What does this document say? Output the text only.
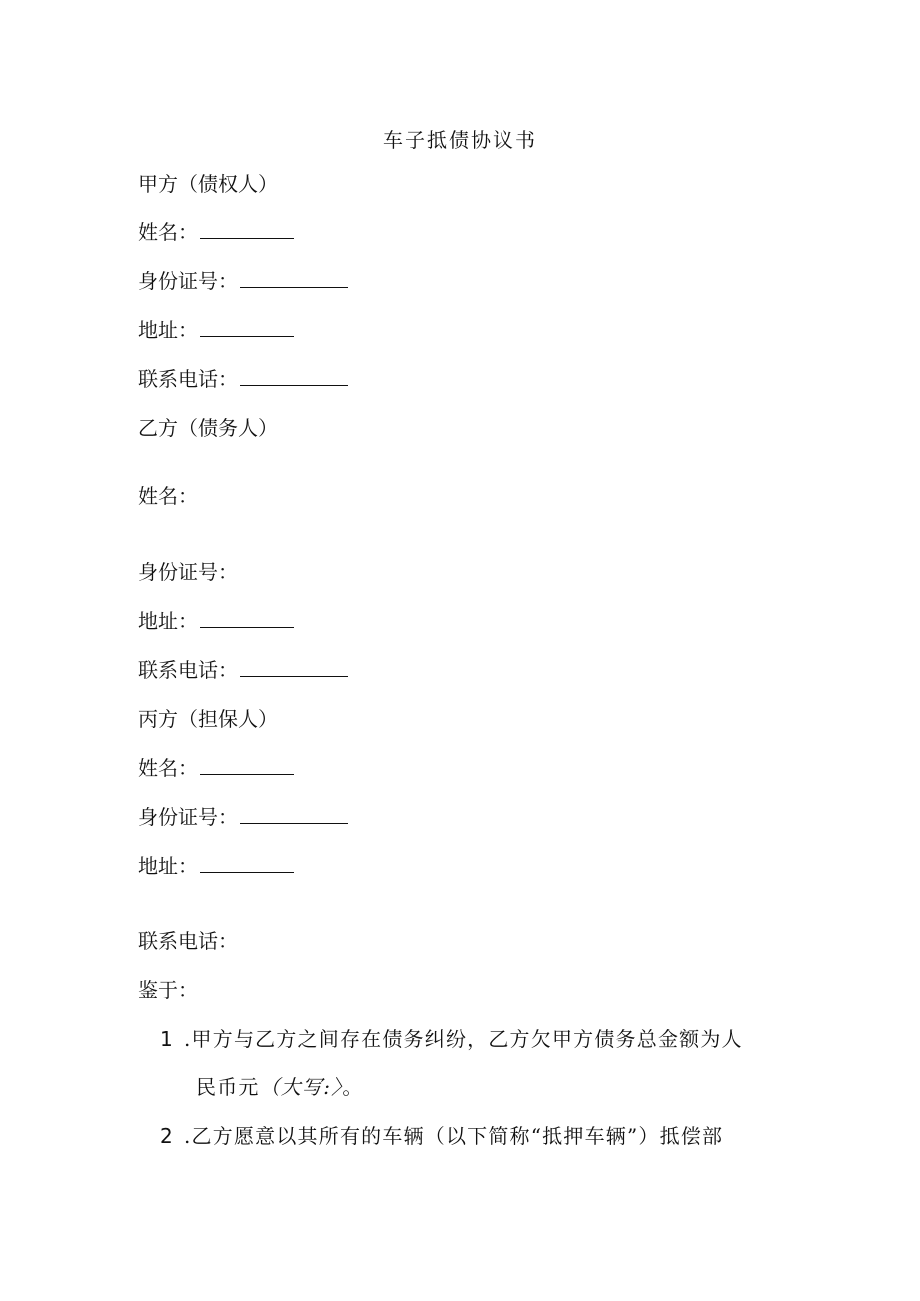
车子抵债协议书
甲方（债权人）
姓名：
身份证号：
地址：
联系电话：
乙方（债务人）
姓名：
身份证号：
地址：
联系电话：
丙方（担保人）
姓名：
身份证号：
地址：
联系电话：
鉴于：
1 .甲方与乙方之间存在债务纠纷，乙方欠甲方债务总金额为人
民币元（大写:〉。
2 .乙方愿意以其所有的车辆（以下简称“抵押车辆”）抵偿部
